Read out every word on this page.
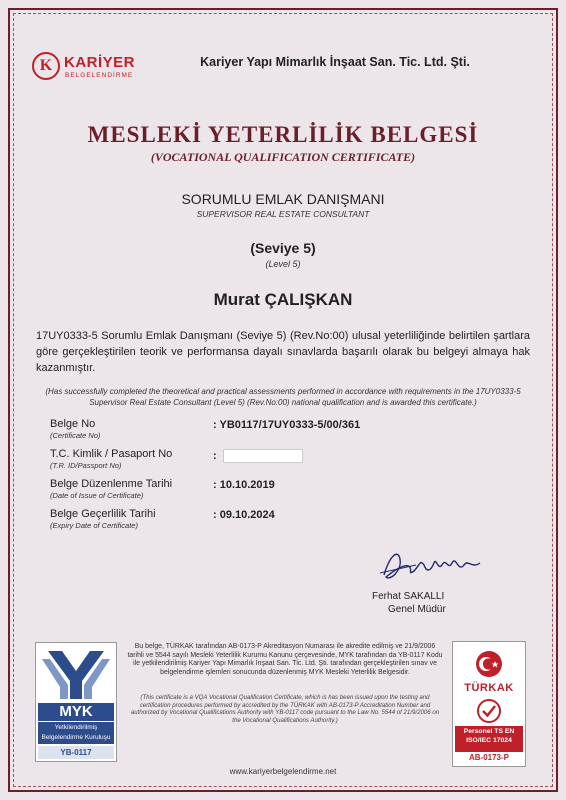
K KARİYER
BELGELENDİRME
Kariyer Yapı Mimarlık İnşaat San. Tic. Ltd. Şti.
MESLEKİ YETERLİLİK BELGESİ
(VOCATIONAL QUALIFICATION CERTIFICATE)
SORUMLU EMLAK DANIŞMANI
SUPERVISOR REAL ESTATE CONSULTANT
(Seviye 5)
(Level 5)
Murat ÇALIŞKAN
17UY0333-5 Sorumlu Emlak Danışmanı (Seviye 5) (Rev.No:00) ulusal yeterliliğinde belirtilen şartlara göre gerçekleştirilen teorik ve performansa dayalı sınavlarda başarılı olarak bu belgeyi almaya hak kazanmıştır.
(Has successfully completed the theoretical and practical assessments performed in accordance with requirements in the 17UY0333-5 Supervisor Real Estate Consultant (Level 5) (Rev.No:00) national qualification and is awarded this certificate.)
Belge No
(Certificate No)
: YB0117/17UY0333-5/00/361
T.C. Kimlik / Pasaport No
(T.R. ID/Passport No)
:
Belge Düzenlenme Tarihi
(Date of Issue of Certificate)
: 10.10.2019
Belge Geçerlilik Tarihi
(Expiry Date of Certificate)
: 09.10.2024
Ferhat SAKALLI
Genel Müdür
MYK
Yetkilendirilmiş Belgelendirme Kuruluşu
YB-0117
Bu belge, TÜRKAK tarafından AB-0173-P Akreditasyon Numarası ile akredite edilmiş ve 21/9/2006 tarihli ve 5544 sayılı Mesleki Yeterlilik Kurumu Kanunu çerçevesinde, MYK tarafından da YB-0117 Kodu ile yetkilendirilmiş Kariyer Yapı Mimarlık İnşaat San. Tic. Ltd. Şti. tarafından gerçekleştirilen sınav ve belgelendirme işlemleri sonucunda düzenlenmiş MYK Mesleki Yeterlilik Belgesidir.
(This certificate is a VQA Vocational Qualification Certificate, which is has been issued upon the testing and certification procedures performed by accredited by the TÜRKAK with AB-0173-P Accreditation Number and authorized by Vocational Qualifications Authority with YB-0117 code pursuant to the Law No. 5544 of 21/9/2006 on the Vocational Qualifications Authority.)
TÜRKAK
Personel TS EN ISO/IEC 17024
AB-0173-P
www.kariyerbelgelendirme.net
